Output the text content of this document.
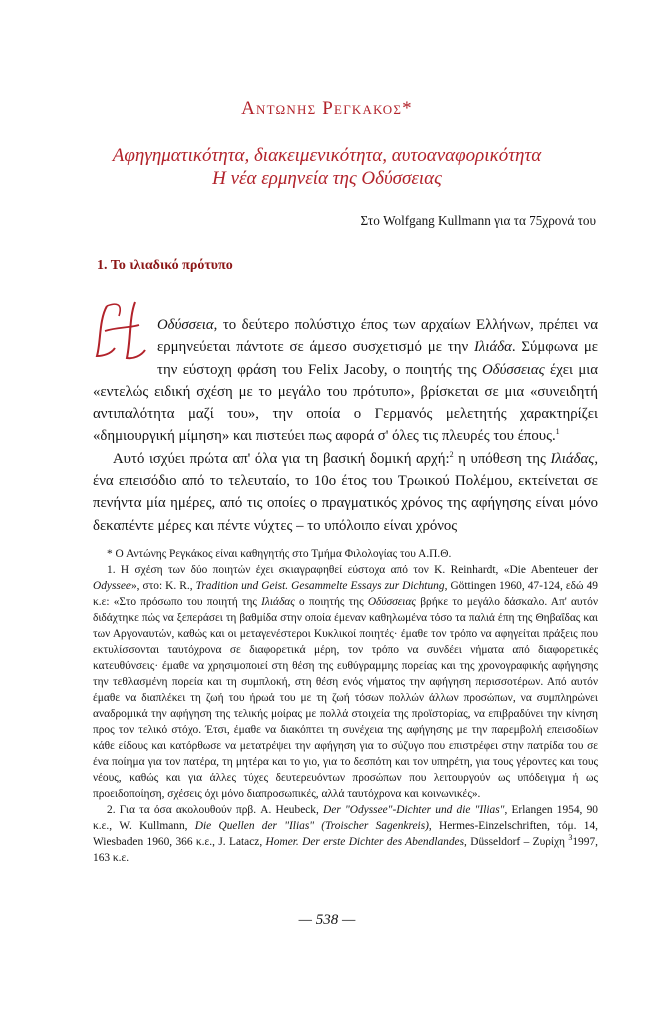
Αντωνης Ρεγκακος*
Αφηγηματικότητα, διακειμενικότητα, αυτοαναφορικότητα
Η νέα ερμηνεία της Οδύσσειας
Στο Wolfgang Kullmann για τα 75χρονά του
1. Το ιλιαδικό πρότυπο

Οδύσσεια, το δεύτερο πολύστιχο έπος των αρχαίων Ελλήνων, πρέπει να ερμηνεύεται πάντοτε σε άμεσο συσχετισμό με την Ιλιάδα. Σύμφωνα με την εύστοχη φράση του Felix Jacoby, ο ποιητής της Οδύσσειας έχει μια «εντελώς ειδική σχέση με το μεγάλο του πρότυπο», βρίσκεται σε μια «συνειδητή αντιπαλότητα μαζί του», την οποία ο Γερμανός μελετητής χαρακτηρίζει «δημιουργική μίμηση» και πιστεύει πως αφορά σ' όλες τις πλευρές του έπους.$^1$

Αυτό ισχύει πρώτα απ' όλα για τη βασική δομική αρχή:$^2$ η υπόθεση της Ιλιάδας, ένα επεισόδιο από το τελευταίο, το 10ο έτος του Τρωικού Πολέμου, εκτείνεται σε πενήντα μία ημέρες, από τις οποίες ο πραγματικός χρόνος της αφήγησης είναι μόνο δεκαπέντε μέρες και πέντε νύχτες – το υπόλοιπο είναι χρόνος

* Ο Αντώνης Ρεγκάκος είναι καθηγητής στο Τμήμα Φιλολογίας του Α.Π.Θ.

1. Η σχέση των δύο ποιητών έχει σκιαγραφηθεί εύστοχα από τον K. Reinhardt, «Die Abenteuer der Odyssee», στο: K. R., Tradition und Geist. Gesammelte Essays zur Dichtung, Göttingen 1960, 47-124, εδώ 49 κ.ε: «Στο πρόσωπο του ποιητή της Ιλιάδας ο ποιητής της Οδύσσειας βρήκε το μεγάλο δάσκαλο. Απ' αυτόν διδάχτηκε πώς να ξεπεράσει τη βαθμίδα στην οποία έμεναν καθηλωμένα τόσο τα παλιά έπη της Θηβαΐδας και των Αργοναυτών, καθώς και οι μεταγενέστεροι Κυκλικοί ποιητές· έμαθε τον τρόπο να αφηγείται πράξεις που εκτυλίσσονται ταυτόχρονα σε διαφορετικά μέρη, τον τρόπο να συνδέει νήματα από διαφορετικές κατευθύνσεις· έμαθε να χρησιμοποιεί στη θέση της ευθύγραμμης πορείας και της χρονογραφικής αφήγησης την τεθλασμένη πορεία και τη συμπλοκή, στη θέση ενός νήματος την αφήγηση περισσοτέρων. Από αυτόν έμαθε να διαπλέκει τη ζωή του ήρωά του με τη ζωή τόσων πολλών άλλων προσώπων, να συμπληρώνει αναδρομικά την αφήγηση της τελικής μοίρας με πολλά στοιχεία της προϊστορίας, να επιβραδύνει την κίνηση προς τον τελικό στόχο. Έτσι, έμαθε να διακόπτει τη συνέχεια της αφήγησης με την παρεμβολή επεισοδίων κάθε είδους και κατόρθωσε να μετατρέψει την αφήγηση για το σύζυγο που επιστρέφει στην πατρίδα του σε ένα ποίημα για τον πατέρα, τη μητέρα και το γιο, για το δεσπότη και τον υπηρέτη, για τους γέροντες και τους νέους, καθώς και για άλλες τύχες δευτερευόντων προσώπων που λειτουργούν ως υπόδειγμα ή ως προειδοποίηση, σχέσεις όχι μόνο διαπροσωπικές, αλλά ταυτόχρονα και κοινωνικές».

2. Για τα όσα ακολουθούν πρβ. A. Heubeck, Der "Odyssee"-Dichter und die "Ilias", Erlangen 1954, 90 κ.ε., W. Kullmann, Die Quellen der "Ilias" (Troischer Sagenkreis), Hermes-Einzelschriften, τόμ. 14, Wiesbaden 1960, 366 κ.ε., J. Latacz, Homer. Der erste Dichter des Abendlandes, Düsseldorf – Ζυρίχη $^3$1997, 163 κ.ε.

— 538 —
